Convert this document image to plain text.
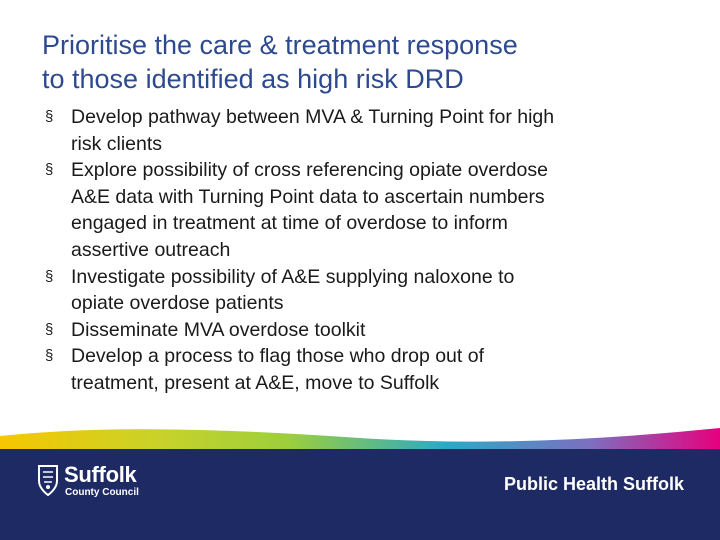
Prioritise the care & treatment response
to those identified as high risk DRD
§ Develop pathway between MVA & Turning Point for high
risk clients
§ Explore possibility of cross referencing opiate overdose
A&E data with Turning Point data to ascertain numbers
engaged in treatment at time of overdose to inform
assertive outreach
§ Investigate possibility of A&E supplying naloxone to
opiate overdose patients
§ Disseminate MVA overdose toolkit
§ Develop a process to flag those who drop out of
treatment, present at A&E, move to Suffolk
Suffolk
County Council	Public Health Suffolk
